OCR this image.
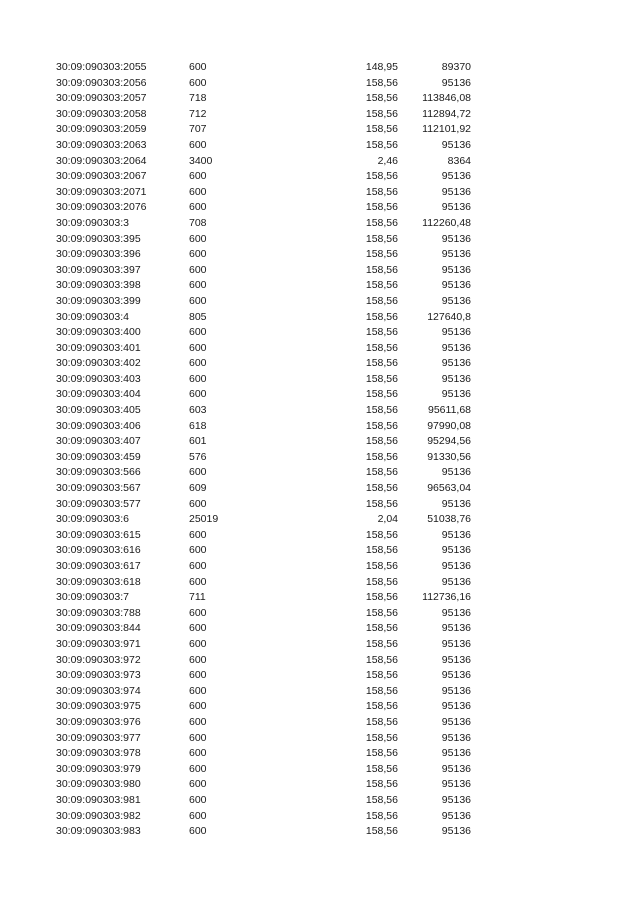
30:09:090303:2055	600	148,95	89370
30:09:090303:2056	600	158,56	95136
30:09:090303:2057	718	158,56	113846,08
30:09:090303:2058	712	158,56	112894,72
30:09:090303:2059	707	158,56	112101,92
30:09:090303:2063	600	158,56	95136
30:09:090303:2064	3400	2,46	8364
30:09:090303:2067	600	158,56	95136
30:09:090303:2071	600	158,56	95136
30:09:090303:2076	600	158,56	95136
30:09:090303:3	708	158,56	112260,48
30:09:090303:395	600	158,56	95136
30:09:090303:396	600	158,56	95136
30:09:090303:397	600	158,56	95136
30:09:090303:398	600	158,56	95136
30:09:090303:399	600	158,56	95136
30:09:090303:4	805	158,56	127640,8
30:09:090303:400	600	158,56	95136
30:09:090303:401	600	158,56	95136
30:09:090303:402	600	158,56	95136
30:09:090303:403	600	158,56	95136
30:09:090303:404	600	158,56	95136
30:09:090303:405	603	158,56	95611,68
30:09:090303:406	618	158,56	97990,08
30:09:090303:407	601	158,56	95294,56
30:09:090303:459	576	158,56	91330,56
30:09:090303:566	600	158,56	95136
30:09:090303:567	609	158,56	96563,04
30:09:090303:577	600	158,56	95136
30:09:090303:6	25019	2,04	51038,76
30:09:090303:615	600	158,56	95136
30:09:090303:616	600	158,56	95136
30:09:090303:617	600	158,56	95136
30:09:090303:618	600	158,56	95136
30:09:090303:7	711	158,56	112736,16
30:09:090303:788	600	158,56	95136
30:09:090303:844	600	158,56	95136
30:09:090303:971	600	158,56	95136
30:09:090303:972	600	158,56	95136
30:09:090303:973	600	158,56	95136
30:09:090303:974	600	158,56	95136
30:09:090303:975	600	158,56	95136
30:09:090303:976	600	158,56	95136
30:09:090303:977	600	158,56	95136
30:09:090303:978	600	158,56	95136
30:09:090303:979	600	158,56	95136
30:09:090303:980	600	158,56	95136
30:09:090303:981	600	158,56	95136
30:09:090303:982	600	158,56	95136
30:09:090303:983	600	158,56	95136
